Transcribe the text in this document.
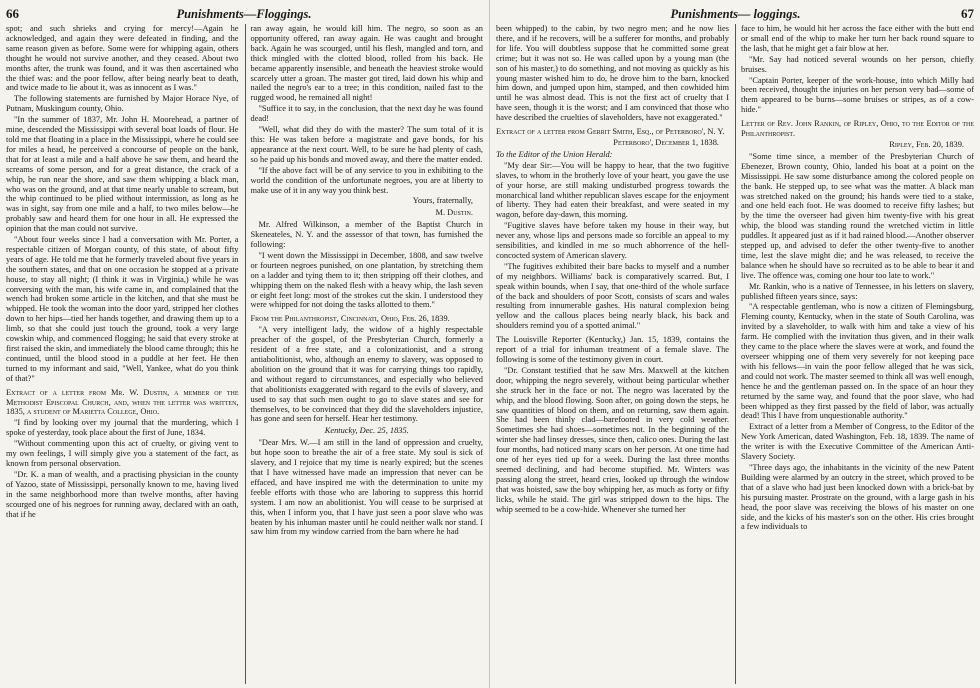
66	Punishments—Floggings.

spot; and such shrieks and crying for mercy!—Again he acknowledged, and again they were defeated in finding, and the same reason given as before. Some were for whipping again, others thought he would not survive another, and they ceased. About two months after, the trunk was found, and it was then ascertained who the thief was: and the poor fellow, after being nearly beat to death, and twice made to lie about it, was as innocent as I was."

The following statements are furnished by Major Horace Nye, of Putnam, Muskingum county, Ohio.

"In the summer of 1837, Mr. John H. Moorehead, a partner of mine, descended the Mississippi with several boat loads of flour. He told me that floating in a place in the Mississippi, where he could see for miles a head, he perceived a concourse of people on the bank, that for at least a mile and a half above he saw them, and heard the screams of some person, and for a great distance, the crack of a whip, he run near the shore, and saw them whipping a black man, who was on the ground, and at that time nearly unable to scream, but the whip continued to be plied without intermission, as long as he was in sight, say from one mile and a half, to two miles below—he probably saw and heard them for one hour in all. He expressed the opinion that the man could not survive.

"About four weeks since I had a conversation with Mr. Porter, a respectable citizen of Morgan county, of this state, of about fifty years of age. He told me that he formerly traveled about five years in the southern states, and that on one occasion he stopped at a private house, to stay all night; (I think it was in Virginia,) while he was conversing with the man, his wife came in, and complained that the wench had broken some article in the kitchen, and that she must be whipped. He took the woman into the door yard, stripped her clothes down to her hips—tied her hands together, and drawing them up to a limb, so that she could just touch the ground, took a very large cowskin whip, and commenced flogging; he said that every stroke at first raised the skin, and immediately the blood came through; this he continued, until the blood stood in a puddle at her feet. He then turned to my informant and said, "Well, Yankee, what do you think of that?"

Extract of a letter from Mr. W. Dustin, a member of the Methodist Episcopal Church, and, when the letter was written, 1835, a student of Marietta College, Ohio.

"I find by looking over my journal that the murdering, which I spoke of yesterday, took place about the first of June, 1834.

"Without commenting upon this act of cruelty, or giving vent to my own feelings, I will simply give you a statement of the fact, as known from personal observation.

"Dr. K. a man of wealth, and a practising physician in the county of Yazoo, state of Mississippi, personally known to me, having lived in the same neighborhood more than twelve months, after having scourged one of his negroes for running away, declared with an oath, that if he

ran away again, he would kill him. The negro, so soon as an opportunity offered, ran away again. He was caught and brought back. Again he was scourged, until his flesh, mangled and torn, and thick mingled with the clotted blood, rolled from his back. He became apparently insensible, and beneath the heaviest stroke would scarcely utter a groan. The master got tired, laid down his whip and nailed the negro's ear to a tree; in this condition, nailed fast to the rugged wood, he remained all night!

"Suffice it to say, in the conclusion, that the next day he was found dead!

"Well, what did they do with the master? The sum total of it is this: He was taken before a magistrate and gave bonds, for his appearance at the next court. Well, to be sure he had plenty of cash, so he paid up his bonds and moved away, and there the matter ended.

"If the above fact will be of any service to you in exhibiting to the world the condition of the unfortunate negroes, you are at liberty to make use of it in any way you think best.

Yours, fraternally,

M. Dustin.

Mr. Alfred Wilkinson, a member of the Baptist Church in Skeneateles, N. Y. and the assessor of that town, has furnished the following:

"I went down the Mississippi in December, 1808, and saw twelve or fourteen negroes punished, on one plantation, by stretching them on a ladder and tying them to it; then stripping off their clothes, and whipping them on the naked flesh with a heavy whip, the lash seven or eight feet long: most of the strokes cut the skin. I understood they were whipped for not doing the tasks allotted to them."

From the Philanthropist, Cincinnati, Ohio, Feb. 26, 1839.

"A very intelligent lady, the widow of a highly respectable preacher of the gospel, of the Presbyterian Church, formerly a resident of a free state, and a colonizationist, and a strong antiabolitionist, who, although an enemy to slavery, was opposed to abolition on the ground that it was for carrying things too rapidly, and without regard to circumstances, and especially who believed that abolitionists exaggerated with regard to the evils of slavery, and used to say that such men ought to go to slave states and see for themselves, to be convinced that they did the slaveholders injustice, has gone and seen for herself. Hear her testimony.

Kentucky, Dec. 25, 1835.

"Dear Mrs. W.—I am still in the land of oppression and cruelty, but hope soon to breathe the air of a free state. My soul is sick of slavery, and I rejoice that my time is nearly expired; but the scenes that I have witnessed have made an impression that never can be effaced, and have inspired me with the determination to unite my feeble efforts with those who are laboring to suppress this horrid system. I am now an abolitionist. You will cease to be surprised at this, when I inform you, that I have just seen a poor slave who was beaten by his inhuman master until he could neither walk nor stand. I saw him from my window carried from the barn where he had

Punishments— loggings.	67

been whipped) to the cabin, by two negro men; and he now lies there, and if he recovers, will be a sufferer for months, and probably for life. You will doubtless suppose that he committed some great crime; but it was not so. He was called upon by a young man (the son of his master,) to do something, and not moving as quickly as his young master wished him to do, he drove him to the barn, knocked him down, and jumped upon him, stamped, and then cowhided him until he was almost dead. This is not the first act of cruelty that I have seen, though it is the worst; and I am convinced that those who have described the cruelties of slaveholders, have not exaggerated."

Extract of a letter from Gerrit Smith, Esq., of Peterboro', N. Y.

Peterboro', December 1, 1838.

To the Editor of the Union Herald:

"My dear Sir:—You will be happy to hear, that the two fugitive slaves, to whom in the brotherly love of your heart, you gave the use of your horse, are still making undisturbed progress towards the monarchical land whither republican slaves escape for the enjoyment of liberty. They had eaten their breakfast, and were seated in my wagon, before day-dawn, this morning.

"Fugitive slaves have before taken my house in their way, but never any, whose lips and persons made so forcible an appeal to my sensibilities, and kindled in me so much abhorrence of the hell-concocted system of American slavery.

"The fugitives exhibited their bare backs to myself and a number of my neighbors. Williams' back is comparatively scarred. But, I speak within bounds, when I say, that one-third of the whole surface of the back and shoulders of poor Scott, consists of scars and wales resulting from innumerable gashes. His natural complexion being yellow and the callous places being nearly black, his back and shoulders remind you of a spotted animal."

The Louisville Reporter (Kentucky,) Jan. 15, 1839, contains the report of a trial for inhuman treatment of a female slave. The following is some of the testimony given in court.

"Dr. Constant testified that he saw Mrs. Maxwell at the kitchen door, whipping the negro severely, without being particular whether she struck her in the face or not. The negro was lacerated by the whip, and the blood flowing. Soon after, on going down the steps, he saw quantities of blood on them, and on returning, saw them again. She had been thinly clad—barefooted in very cold weather. Sometimes she had shoes—sometimes not. In the beginning of the winter she had linsey dresses, since then, calico ones. During the last four months, had noticed many scars on her person. At one time had one of her eyes tied up for a week. During the last three months seemed declining, and had become stupified. Mr. Winters was passing along the street, heard cries, looked up through the window that was hoisted, saw the boy whipping her, as much as forty or fifty licks, while he staid. The girl was stripped down to the hips. The whip seemed to be a cow-hide. Whenever she turned her

face to him, he would hit her across the face either with the butt end or small end of the whip to make her turn her back round square to the lash, that he might get a fair blow at her.

"Mr. Say had noticed several wounds on her person, chiefly bruises.

"Captain Porter, keeper of the work-house, into which Milly had been received, thought the injuries on her person very bad—some of them appeared to be burns—some bruises or stripes, as of a cow-hide."

Letter of Rev. John Rankin, of Ripley, Ohio, to the Editor of the Philanthropist.

Ripley, Feb. 20, 1839.

"Some time since, a member of the Presbyterian Church of Ebenezer, Brown county, Ohio, landed his boat at a point on the Mississippi. He saw some disturbance among the colored people on the bank. He stepped up, to see what was the matter. A black man was stretched naked on the ground; his hands were tied to a stake, and one held each foot. He was doomed to receive fifty lashes; but by the time the overseer had given him twenty-five with his great whip, the blood was standing round the wretched victim in little puddles. It appeared just as if it had rained blood.—Another observer stepped up, and advised to defer the other twenty-five to another time, lest the slave might die; and he was released, to receive the balance when he should have so recruited as to be able to bear it and live. The offence was, coming one hour too late to work."

Mr. Rankin, who is a native of Tennessee, in his letters on slavery, published fifteen years since, says:

"A respectable gentleman, who is now a citizen of Flemingsburg, Fleming county, Kentucky, when in the state of South Carolina, was invited by a slaveholder, to walk with him and take a view of his farm. He complied with the invitation thus given, and in their walk they came to the place where the slaves were at work, and found the overseer whipping one of them very severely for not keeping pace with his fellows—in vain the poor fellow alleged that he was sick, and could not work. The master seemed to think all was well enough, hence he and the gentleman passed on. In the space of an hour they returned by the same way, and found that the poor slave, who had been whipped as they first passed by the field of labor, was actually dead! This I have from unquestionable authority."

Extract of a letter from a Member of Congress, to the Editor of the New York American, dated Washington, Feb. 18, 1839. The name of the writer is with the Executive Committee of the American Anti-Slavery Society.

"Three days ago, the inhabitants in the vicinity of the new Patent Building were alarmed by an outcry in the street, which proved to be that of a slave who had just been knocked down with a brick-bat by his pursuing master. Prostrate on the ground, with a large gash in his head, the poor slave was receiving the blows of his master on one side, and the kicks of his master's son on the other. His cries brought a few individuals to
